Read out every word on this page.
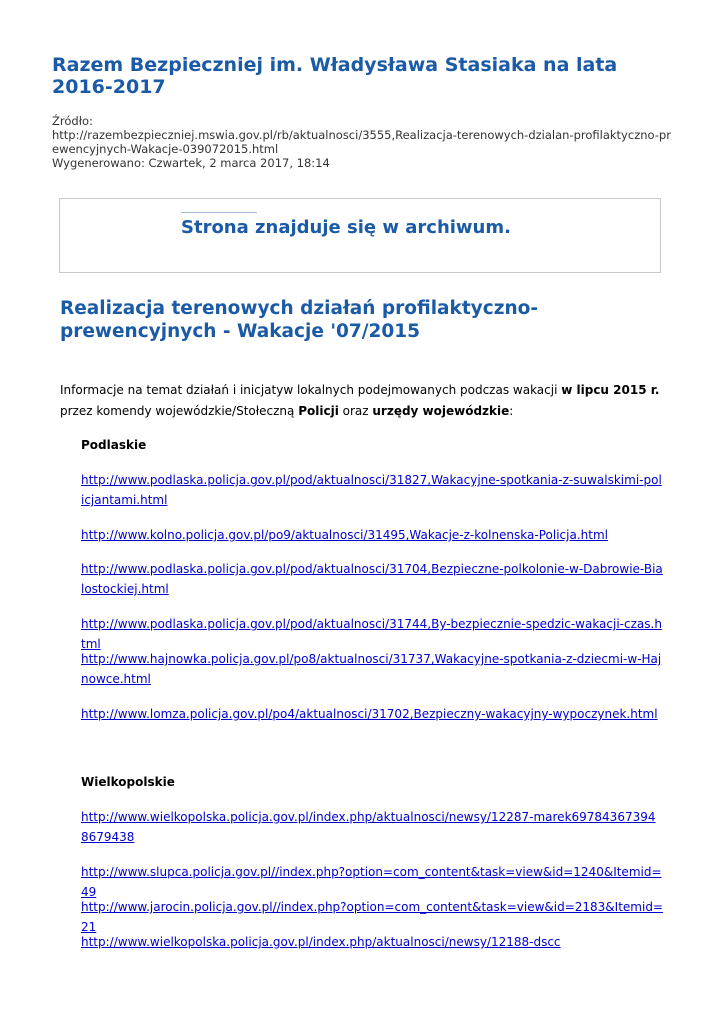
Razem Bezpieczniej im. Władysława Stasiaka na lata 2016-2017
Źródło:
http://razembezpieczniej.mswia.gov.pl/rb/aktualnosci/3555,Realizacja-terenowych-dzialan-profilaktyczno-prewencyjnych-Wakacje-039072015.html
Wygenerowano: Czwartek, 2 marca 2017, 18:14
Strona znajduje się w archiwum.
Realizacja terenowych działań profilaktyczno-prewencyjnych - Wakacje '07/2015
Informacje na temat działań i inicjatyw lokalnych podejmowanych podczas wakacji w lipcu 2015 r. przez komendy wojewódzkie/Stołeczną Policji oraz urzędy wojewódzkie:
Podlaskie
http://www.podlaska.policja.gov.pl/pod/aktualnosci/31827,Wakacyjne-spotkania-z-suwalskimi-policjantami.html
http://www.kolno.policja.gov.pl/po9/aktualnosci/31495,Wakacje-z-kolnenska-Policja.html
http://www.podlaska.policja.gov.pl/pod/aktualnosci/31704,Bezpieczne-polkolonie-w-Dabrowie-Bialostockiej.html
http://www.podlaska.policja.gov.pl/pod/aktualnosci/31744,By-bezpiecznie-spedzic-wakacji-czas.html
http://www.hajnowka.policja.gov.pl/po8/aktualnosci/31737,Wakacyjne-spotkania-z-dziecmi-w-Hajnowce.html
http://www.lomza.policja.gov.pl/po4/aktualnosci/31702,Bezpieczny-wakacyjny-wypoczynek.html
Wielkopolskie
http://www.wielkopolska.policja.gov.pl/index.php/aktualnosci/newsy/12287-marek697843673948679438
http://www.slupca.policja.gov.pl//index.php?option=com_content&task=view&id=1240&Itemid=49
http://www.jarocin.policja.gov.pl//index.php?option=com_content&task=view&id=2183&Itemid=21
http://www.wielkopolska.policja.gov.pl/index.php/aktualnosci/newsy/12188-dscc
